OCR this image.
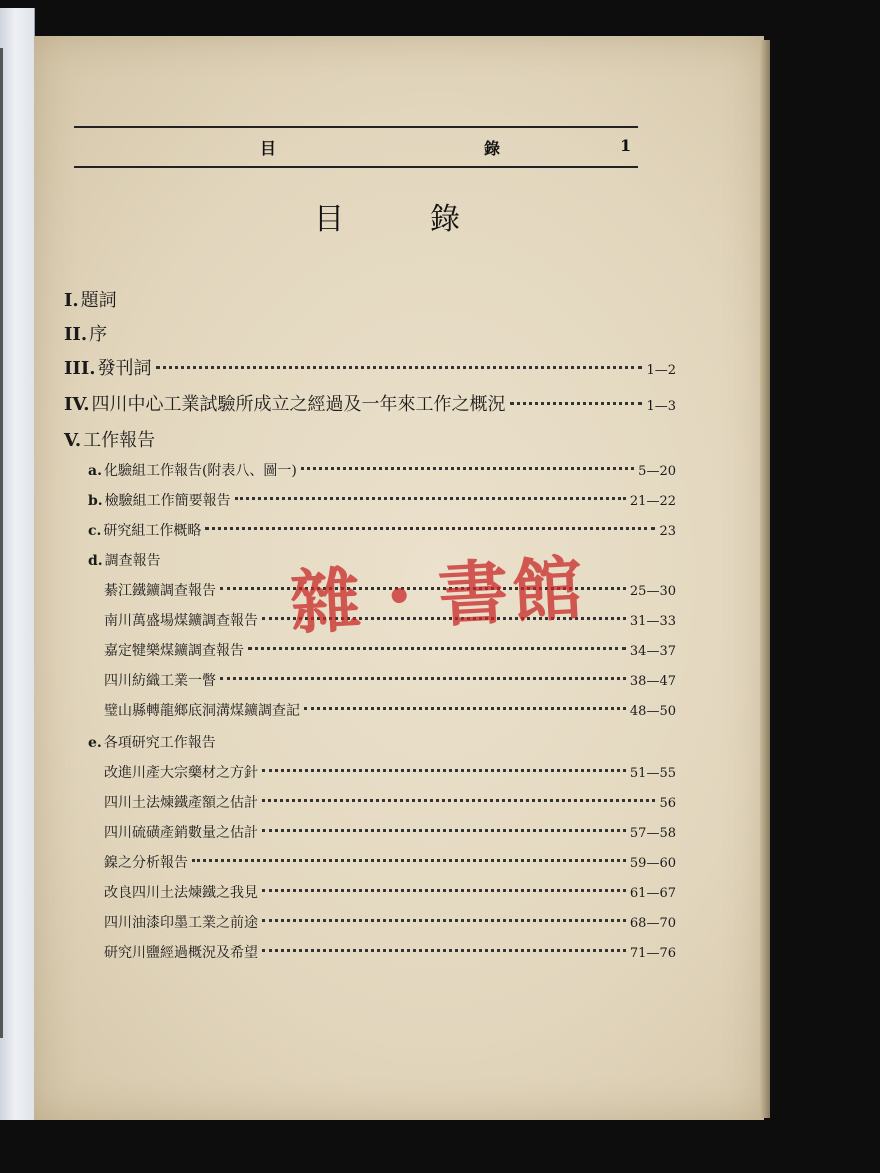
目	錄	1
目	錄
I. 題詞
II. 序
III. 發刊詞	1—2
IV. 四川中心工業試驗所成立之經過及一年來工作之概況	1—3
V. 工作報告
a. 化驗組工作報告(附表八、圖一)	5—20
b. 檢驗組工作簡要報告	21—22
c. 研究組工作概略	23
d. 調查報告
綦江鐵鑛調查報告	25—30
南川萬盛場煤鑛調查報告	31—33
嘉定犍樂煤鑛調查報告	34—37
四川紡織工業一瞥	38—47
璧山縣轉龍鄉底洞溝煤鑛調查記	48—50
e. 各項研究工作報告
改進川產大宗藥材之方針	51—55
四川土法煉鐵產額之估計	56
四川硫磺產銷數量之估計	57—58
鎳之分析報告	59—60
改良四川土法煉鐵之我見	61—67
四川油漆印墨工業之前途	68—70
研究川鹽經過概況及希望	71—76
雜・書館
